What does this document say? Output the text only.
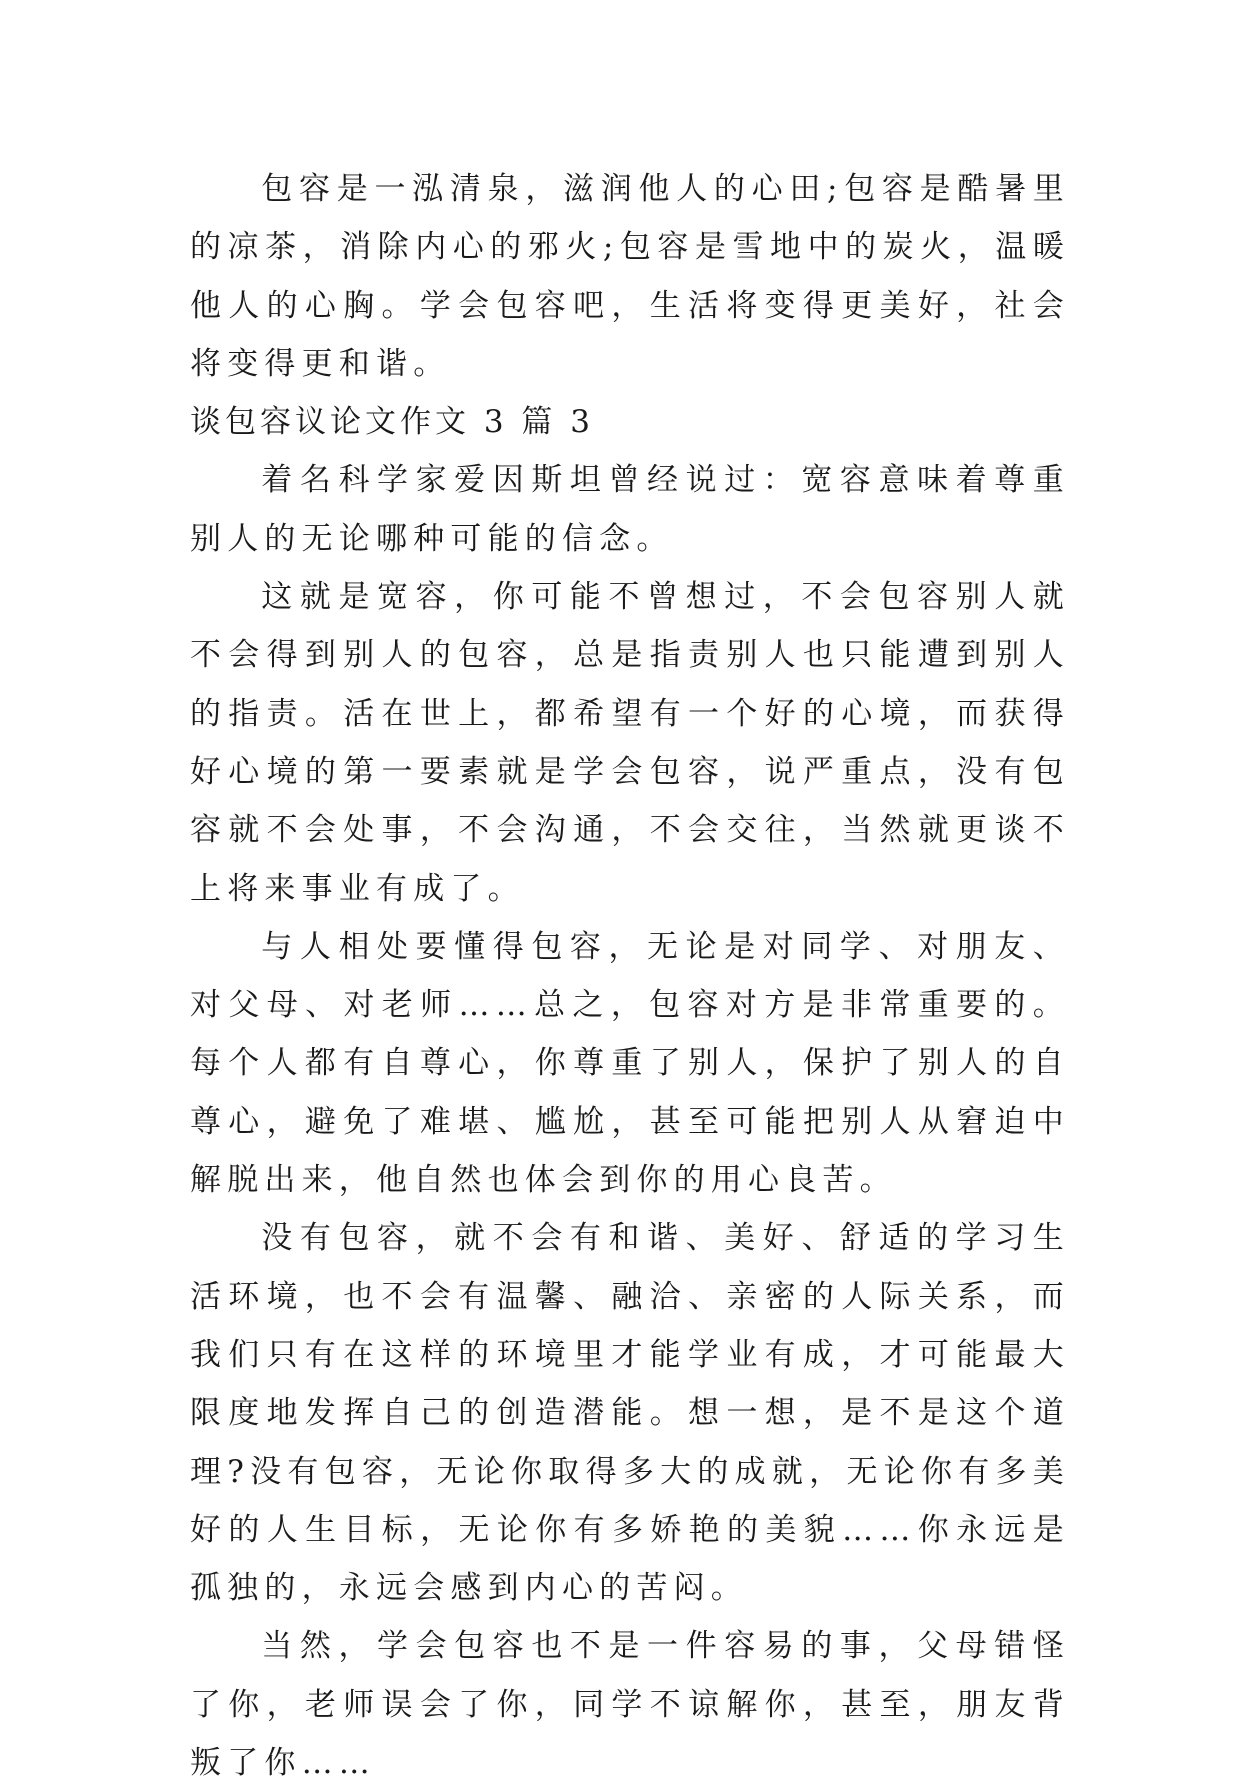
包容是一泓清泉，滋润他人的心田;包容是酷暑里的凉茶，消除内心的邪火;包容是雪地中的炭火，温暖他人的心胸。学会包容吧，生活将变得更美好，社会将变得更和谐。

谈包容议论文作文 3 篇 3

着名科学家爱因斯坦曾经说过：宽容意味着尊重别人的无论哪种可能的信念。

这就是宽容，你可能不曾想过，不会包容别人就不会得到别人的包容，总是指责别人也只能遭到别人的指责。活在世上，都希望有一个好的心境，而获得好心境的第一要素就是学会包容，说严重点，没有包容就不会处事，不会沟通，不会交往，当然就更谈不上将来事业有成了。

与人相处要懂得包容，无论是对同学、对朋友、对父母、对老师……总之，包容对方是非常重要的。每个人都有自尊心，你尊重了别人，保护了别人的自尊心，避免了难堪、尴尬，甚至可能把别人从窘迫中解脱出来，他自然也体会到你的用心良苦。

没有包容，就不会有和谐、美好、舒适的学习生活环境，也不会有温馨、融洽、亲密的人际关系，而我们只有在这样的环境里才能学业有成，才可能最大限度地发挥自己的创造潜能。想一想，是不是这个道理?没有包容，无论你取得多大的成就，无论你有多美好的人生目标，无论你有多娇艳的美貌……你永远是孤独的，永远会感到内心的苦闷。

当然，学会包容也不是一件容易的事，父母错怪了你，老师误会了你，同学不谅解你，甚至，朋友背叛了你……
